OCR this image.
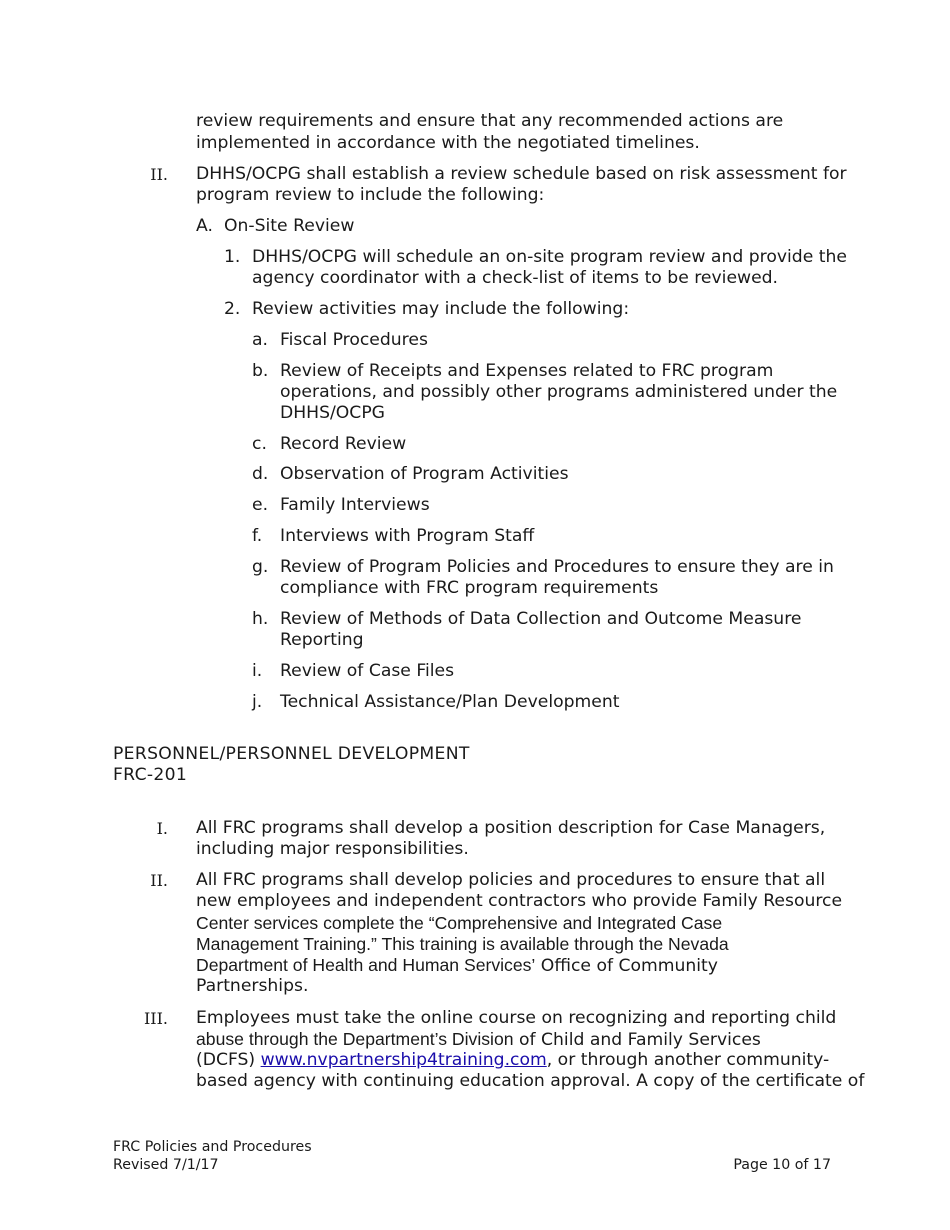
review requirements and ensure that any recommended actions are

implemented in accordance with the negotiated timelines.

II. DHHS/OCPG shall establish a review schedule based on risk assessment for

program review to include the following:

A. On-Site Review

1. DHHS/OCPG will schedule an on-site program review and provide the

agency coordinator with a check-list of items to be reviewed.

2. Review activities may include the following:

a. Fiscal Procedures

b. Review of Receipts and Expenses related to FRC program

operations, and possibly other programs administered under the

DHHS/OCPG

c. Record Review

d. Observation of Program Activities

e. Family Interviews

f. Interviews with Program Staff

g. Review of Program Policies and Procedures to ensure they are in

compliance with FRC program requirements

h. Review of Methods of Data Collection and Outcome Measure

Reporting

i. Review of Case Files

j. Technical Assistance/Plan Development

PERSONNEL/PERSONNEL DEVELOPMENT
FRC-201
I. All FRC programs shall develop a position description for Case Managers,

including major responsibilities.

II. All FRC programs shall develop policies and procedures to ensure that all

new employees and independent contractors who provide Family Resource

Center services complete the “Comprehensive and Integrated Case

Management Training.” This training is available through the Nevada

Department of Health and Human Services’ Office of Community

Partnerships.

III. Employees must take the online course on recognizing and reporting child

abuse through the Department’s Division of Child and Family Services

(DCFS) www.nvpartnership4training.com, or through another community-

based agency with continuing education approval. A copy of the certificate of

FRC Policies and Procedures
Revised 7/1/17	Page 10 of 17
